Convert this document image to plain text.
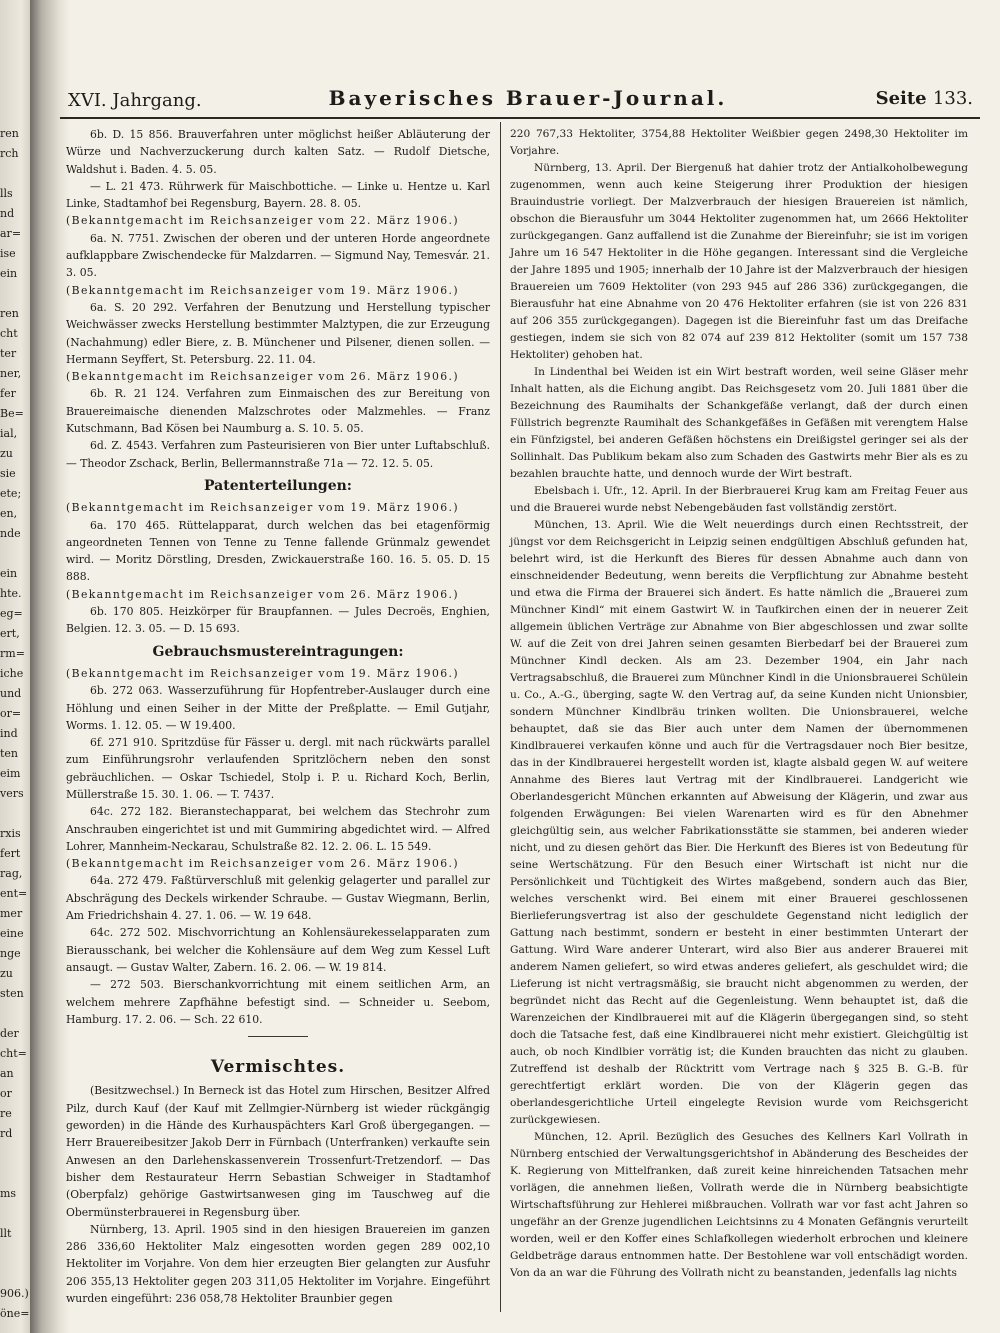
ren
rch
lls
nd
ar=
ise
ein
ren
cht
ter
ner,
fer
Be=
ial,
zu
sie
ete;
en,
nde
ein
hte.
eg=
ert,
rm=
iche
und
or=
ind
ten
eim
vers
rxis
fert
rag,
ent=
mer
eine
nge
zu
sten
der
cht=
an
or
re
rd
ms
llt
906.)
öne=
XVI. Jahrgang.	Bayerisches Brauer-Journal.	Seite 133.

6b. D. 15 856. Brauverfahren unter möglichst heißer Abläuterung der Würze und Nachverzuckerung durch kalten Satz. — Rudolf Dietsche, Waldshut i. Baden. 4. 5. 05.

— L. 21 473. Rührwerk für Maischbottiche. — Linke u. Hentze u. Karl Linke, Stadtamhof bei Regensburg, Bayern. 28. 8. 05.

(Bekanntgemacht im Reichsanzeiger vom 22. März 1906.)

6a. N. 7751. Zwischen der oberen und der unteren Horde angeordnete aufklappbare Zwischendecke für Malzdarren. — Sigmund Nay, Temesvár. 21. 3. 05.

(Bekanntgemacht im Reichsanzeiger vom 19. März 1906.)

6a. S. 20 292. Verfahren der Benutzung und Herstellung typischer Weichwässer zwecks Herstellung bestimmter Malztypen, die zur Erzeugung (Nachahmung) edler Biere, z. B. Münchener und Pilsener, dienen sollen. — Hermann Seyffert, St. Petersburg. 22. 11. 04.

(Bekanntgemacht im Reichsanzeiger vom 26. März 1906.)

6b. R. 21 124. Verfahren zum Einmaischen des zur Bereitung von Brauereimaische dienenden Malzschrotes oder Malzmehles. — Franz Kutschmann, Bad Kösen bei Naumburg a. S. 10. 5. 05.

6d. Z. 4543. Verfahren zum Pasteurisieren von Bier unter Luftabschluß. — Theodor Zschack, Berlin, Bellermannstraße 71a — 72. 12. 5. 05.

Patenterteilungen:

(Bekanntgemacht im Reichsanzeiger vom 19. März 1906.)

6a. 170 465. Rüttelapparat, durch welchen das bei etagenförmig angeordneten Tennen von Tenne zu Tenne fallende Grünmalz gewendet wird. — Moritz Dörstling, Dresden, Zwickauerstraße 160. 16. 5. 05. D. 15 888.

(Bekanntgemacht im Reichsanzeiger vom 26. März 1906.)

6b. 170 805. Heizkörper für Braupfannen. — Jules Decroës, Enghien, Belgien. 12. 3. 05. — D. 15 693.

Gebrauchsmustereintragungen:

(Bekanntgemacht im Reichsanzeiger vom 19. März 1906.)

6b. 272 063. Wasserzuführung für Hopfentreber-Auslauger durch eine Höhlung und einen Seiher in der Mitte der Preßplatte. — Emil Gutjahr, Worms. 1. 12. 05. — W 19.400.

6f. 271 910. Spritzdüse für Fässer u. dergl. mit nach rückwärts parallel zum Einführungsrohr verlaufenden Spritzlöchern neben den sonst gebräuchlichen. — Oskar Tschiedel, Stolp i. P. u. Richard Koch, Berlin, Müllerstraße 15. 30. 1. 06. — T. 7437.

64c. 272 182. Bieranstechapparat, bei welchem das Stechrohr zum Anschrauben eingerichtet ist und mit Gummiring abgedichtet wird. — Alfred Lohrer, Mannheim-Neckarau, Schulstraße 82. 12. 2. 06. L. 15 549.

(Bekanntgemacht im Reichsanzeiger vom 26. März 1906.)

64a. 272 479. Faßtürverschluß mit gelenkig gelagerter und parallel zur Abschrägung des Deckels wirkender Schraube. — Gustav Wiegmann, Berlin, Am Friedrichshain 4. 27. 1. 06. — W. 19 648.

64c. 272 502. Mischvorrichtung an Kohlensäurekesselapparaten zum Bierausschank, bei welcher die Kohlensäure auf dem Weg zum Kessel Luft ansaugt. — Gustav Walter, Zabern. 16. 2. 06. — W. 19 814.

— 272 503. Bierschankvorrichtung mit einem seitlichen Arm, an welchem mehrere Zapfhähne befestigt sind. — Schneider u. Seebom, Hamburg. 17. 2. 06. — Sch. 22 610.

Vermischtes.

(Besitzwechsel.) In Berneck ist das Hotel zum Hirschen, Besitzer Alfred Pilz, durch Kauf (der Kauf mit Zellmgier-Nürnberg ist wieder rückgängig geworden) in die Hände des Kurhauspächters Karl Groß übergegangen. — Herr Brauereibesitzer Jakob Derr in Fürnbach (Unterfranken) verkaufte sein Anwesen an den Darlehenskassenverein Trossenfurt-Tretzendorf. — Das bisher dem Restaurateur Herrn Sebastian Schweiger in Stadtamhof (Oberpfalz) gehörige Gastwirtsanwesen ging im Tauschweg auf die Obermünsterbrauerei in Regensburg über.

Nürnberg, 13. April. 1905 sind in den hiesigen Brauereien im ganzen 286 336,60 Hektoliter Malz eingesotten worden gegen 289 002,10 Hektoliter im Vorjahre. Von dem hier erzeugten Bier gelangten zur Ausfuhr 206 355,13 Hektoliter gegen 203 311,05 Hektoliter im Vorjahre. Eingeführt wurden eingeführt: 236 058,78 Hektoliter Braunbier gegen

220 767,33 Hektoliter, 3754,88 Hektoliter Weißbier gegen 2498,30 Hektoliter im Vorjahre.

Nürnberg, 13. April. Der Biergenuß hat dahier trotz der Antialkoholbewegung zugenommen, wenn auch keine Steigerung ihrer Produktion der hiesigen Brauindustrie vorliegt. Der Malzverbrauch der hiesigen Brauereien ist nämlich, obschon die Bierausfuhr um 3044 Hektoliter zugenommen hat, um 2666 Hektoliter zurückgegangen. Ganz auffallend ist die Zunahme der Biereinfuhr; sie ist im vorigen Jahre um 16 547 Hektoliter in die Höhe gegangen. Interessant sind die Vergleiche der Jahre 1895 und 1905; innerhalb der 10 Jahre ist der Malzverbrauch der hiesigen Brauereien um 7609 Hektoliter (von 293 945 auf 286 336) zurückgegangen, die Bierausfuhr hat eine Abnahme von 20 476 Hektoliter erfahren (sie ist von 226 831 auf 206 355 zurückgegangen). Dagegen ist die Biereinfuhr fast um das Dreifache gestiegen, indem sie sich von 82 074 auf 239 812 Hektoliter (somit um 157 738 Hektoliter) gehoben hat.

In Lindenthal bei Weiden ist ein Wirt bestraft worden, weil seine Gläser mehr Inhalt hatten, als die Eichung angibt. Das Reichsgesetz vom 20. Juli 1881 über die Bezeichnung des Raumihalts der Schankgefäße verlangt, daß der durch einen Füllstrich begrenzte Raumihalt des Schankgefäßes in Gefäßen mit verengtem Halse ein Fünfzigstel, bei anderen Gefäßen höchstens ein Dreißigstel geringer sei als der Sollinhalt. Das Publikum bekam also zum Schaden des Gastwirts mehr Bier als es zu bezahlen brauchte hatte, und dennoch wurde der Wirt bestraft.

Ebelsbach i. Ufr., 12. April. In der Bierbrauerei Krug kam am Freitag Feuer aus und die Brauerei wurde nebst Nebengebäuden fast vollständig zerstört.

München, 13. April. Wie die Welt neuerdings durch einen Rechtsstreit, der jüngst vor dem Reichsgericht in Leipzig seinen endgültigen Abschluß gefunden hat, belehrt wird, ist die Herkunft des Bieres für dessen Abnahme auch dann von einschneidender Bedeutung, wenn bereits die Verpflichtung zur Abnahme besteht und etwa die Firma der Brauerei sich ändert. Es hatte nämlich die „Brauerei zum Münchner Kindl“ mit einem Gastwirt W. in Taufkirchen einen der in neuerer Zeit allgemein üblichen Verträge zur Abnahme von Bier abgeschlossen und zwar sollte W. auf die Zeit von drei Jahren seinen gesamten Bierbedarf bei der Brauerei zum Münchner Kindl decken. Als am 23. Dezember 1904, ein Jahr nach Vertragsabschluß, die Brauerei zum Münchner Kindl in die Unionsbrauerei Schülein u. Co., A.-G., überging, sagte W. den Vertrag auf, da seine Kunden nicht Unionsbier, sondern Münchner Kindlbräu trinken wollten. Die Unionsbrauerei, welche behauptet, daß sie das Bier auch unter dem Namen der übernommenen Kindlbrauerei verkaufen könne und auch für die Vertragsdauer noch Bier besitze, das in der Kindlbrauerei hergestellt worden ist, klagte alsbald gegen W. auf weitere Annahme des Bieres laut Vertrag mit der Kindlbrauerei. Landgericht wie Oberlandesgericht München erkannten auf Abweisung der Klägerin, und zwar aus folgenden Erwägungen: Bei vielen Warenarten wird es für den Abnehmer gleichgültig sein, aus welcher Fabrikationsstätte sie stammen, bei anderen wieder nicht, und zu diesen gehört das Bier. Die Herkunft des Bieres ist von Bedeutung für seine Wertschätzung. Für den Besuch einer Wirtschaft ist nicht nur die Persönlichkeit und Tüchtigkeit des Wirtes maßgebend, sondern auch das Bier, welches verschenkt wird. Bei einem mit einer Brauerei geschlossenen Bierlieferungsvertrag ist also der geschuldete Gegenstand nicht lediglich der Gattung nach bestimmt, sondern er besteht in einer bestimmten Unterart der Gattung. Wird Ware anderer Unterart, wird also Bier aus anderer Brauerei mit anderem Namen geliefert, so wird etwas anderes geliefert, als geschuldet wird; die Lieferung ist nicht vertragsmäßig, sie braucht nicht abgenommen zu werden, der begründet nicht das Recht auf die Gegenleistung. Wenn behauptet ist, daß die Warenzeichen der Kindlbrauerei mit auf die Klägerin übergegangen sind, so steht doch die Tatsache fest, daß eine Kindlbrauerei nicht mehr existiert. Gleichgültig ist auch, ob noch Kindlbier vorrätig ist; die Kunden brauchten das nicht zu glauben. Zutreffend ist deshalb der Rücktritt vom Vertrage nach § 325 B. G.-B. für gerechtfertigt erklärt worden. Die von der Klägerin gegen das oberlandesgerichtliche Urteil eingelegte Revision wurde vom Reichsgericht zurückgewiesen.

München, 12. April. Bezüglich des Gesuches des Kellners Karl Vollrath in Nürnberg entschied der Verwaltungsgerichtshof in Abänderung des Bescheides der K. Regierung von Mittelfranken, daß zureit keine hinreichenden Tatsachen mehr vorlägen, die annehmen ließen, Vollrath werde die in Nürnberg beabsichtigte Wirtschaftsführung zur Hehlerei mißbrauchen. Vollrath war vor fast acht Jahren so ungefähr an der Grenze jugendlichen Leichtsinns zu 4 Monaten Gefängnis verurteilt worden, weil er den Koffer eines Schlafkollegen wiederholt erbrochen und kleinere Geldbeträge daraus entnommen hatte. Der Bestohlene war voll entschädigt worden. Von da an war die Führung des Vollrath nicht zu beanstanden, jedenfalls lag nichts
